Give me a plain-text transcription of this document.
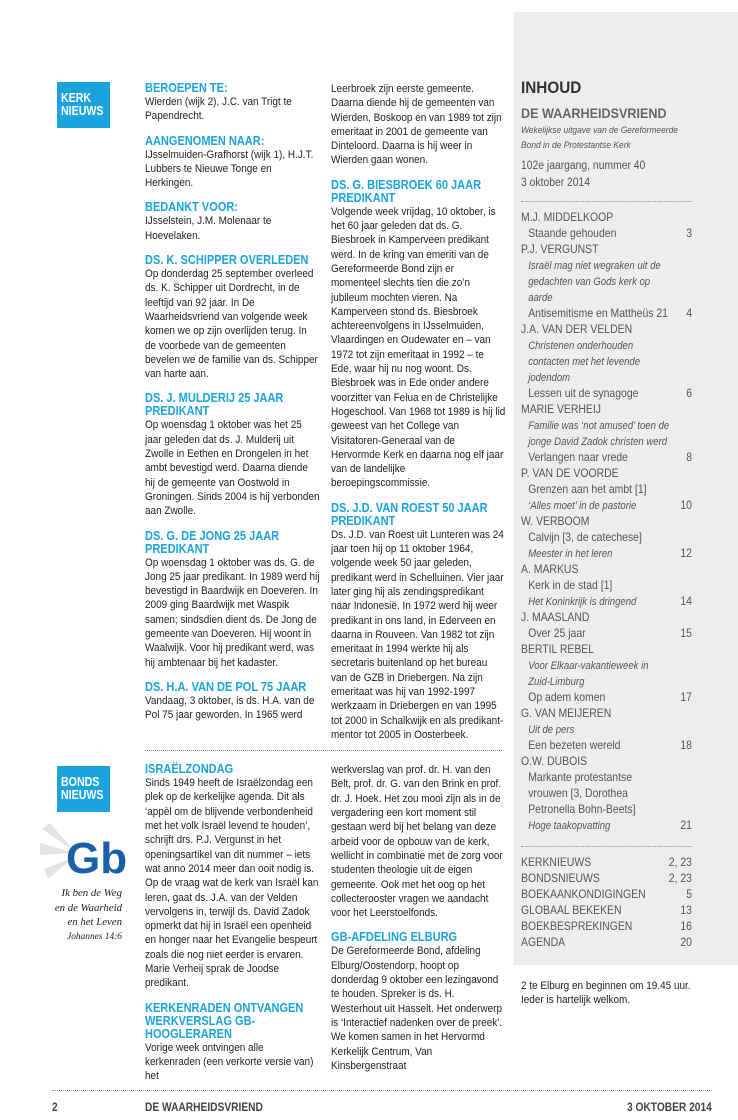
KERK
NIEUWS
BONDS
NIEUWS
BEROEPEN TE:

Wierden (wijk 2), J.C. van Trigt te Papendrecht.

AANGENOMEN NAAR:

IJsselmuiden-Grafhorst (wijk 1), H.J.T. Lubbers te Nieuwe Tonge en Herkingen.

BEDANKT VOOR:

IJsselstein, J.M. Molenaar te Hoevelaken.

DS. K. SCHIPPER OVERLEDEN

Op donderdag 25 september overleed ds. K. Schipper uit Dordrecht, in de leeftijd van 92 jaar. In De Waarheidsvriend van volgende week komen we op zijn overlijden terug. In de voorbede van de gemeenten bevelen we de familie van ds. Schipper van harte aan.

DS. J. MULDERIJ 25 JAAR PREDIKANT

Op woensdag 1 oktober was het 25 jaar geleden dat ds. J. Mulderij uit Zwolle in Eethen en Drongelen in het ambt bevestigd werd. Daarna diende hij de gemeente van Oostwold in Groningen. Sinds 2004 is hij verbonden aan Zwolle.

DS. G. DE JONG 25 JAAR PREDIKANT

Op woensdag 1 oktober was ds. G. de Jong 25 jaar predikant. In 1989 werd hij bevestigd in Baardwijk en Doeveren. In 2009 ging Baardwijk met Waspik samen; sindsdien dient ds. De Jong de gemeente van Doeveren. Hij woont in Waalwijk. Voor hij predikant werd, was hij ambtenaar bij het kadaster.

DS. H.A. VAN DE POL 75 JAAR

Vandaag, 3 oktober, is ds. H.A. van de Pol 75 jaar geworden. In 1965 werd

Leerbroek zijn eerste gemeente. Daarna diende hij de gemeenten van Wierden, Boskoop en van 1989 tot zijn emeritaat in 2001 de gemeente van Dinteloord. Daarna is hij weer in Wierden gaan wonen.

DS. G. BIESBROEK 60 JAAR PREDIKANT

Volgende week vrijdag, 10 oktober, is het 60 jaar geleden dat ds. G. Biesbroek in Kamperveen predikant werd. In de kring van emeriti van de Gereformeerde Bond zijn er momenteel slechts tien die zo’n jubileum mochten vieren. Na Kamperveen stond ds. Biesbroek achtereenvolgens in IJsselmuiden, Vlaardingen en Oudewater en – van 1972 tot zijn emeritaat in 1992 – te Ede, waar hij nu nog woont. Ds. Biesbroek was in Ede onder andere voorzitter van Felua en de Christelijke Hogeschool. Van 1968 tot 1989 is hij lid geweest van het College van Visitatoren-Generaal van de Hervormde Kerk en daarna nog elf jaar van de landelijke beroepingscommissie.

DS. J.D. VAN ROEST 50 JAAR PREDIKANT

Ds. J.D. van Roest uit Lunteren was 24 jaar toen hij op 11 oktober 1964, volgende week 50 jaar geleden, predikant werd in Schelluinen. Vier jaar later ging hij als zendingspredikant naar Indonesië. In 1972 werd hij weer predikant in ons land, in Ederveen en daarna in Rouveen. Van 1982 tot zijn emeritaat in 1994 werkte hij als secretaris buitenland op het bureau van de GZB in Driebergen. Na zijn emeritaat was hij van 1992-1997 werkzaam in Driebergen en van 1995 tot 2000 in Schalkwijk en als predikant-mentor tot 2005 in Oosterbeek.

ISRAËLZONDAG

Sinds 1949 heeft de Israëlzondag een plek op de kerkelijke agenda. Dit als ‘appèl om de blijvende verbondenheid met het volk Israël levend te houden’, schrijft drs. P.J. Vergunst in het openingsartikel van dit nummer – iets wat anno 2014 meer dan ooit nodig is. Op de vraag wat de kerk van Israël kan leren, gaat ds. J.A. van der Velden vervolgens in, terwijl ds. David Zadok opmerkt dat hij in Israël een openheid en honger naar het Evangelie bespeurt zoals die nog niet eerder is ervaren. Marie Verheij sprak de Joodse predikant.

KERKENRADEN ONTVANGEN WERKVERSLAG GB-HOOGLERAREN

Vorige week ontvingen alle kerkenraden (een verkorte versie van) het

werkverslag van prof. dr. H. van den Belt, prof. dr. G. van den Brink en prof. dr. J. Hoek. Het zou mooi zijn als in de vergadering een kort moment stil gestaan werd bij het belang van deze arbeid voor de opbouw van de kerk, wellicht in combinatie met de zorg voor studenten theologie uit de eigen gemeente. Ook met het oog op het collecterooster vragen we aandacht voor het Leerstoelfonds.

GB-AFDELING ELBURG

De Gereformeerde Bond, afdeling Elburg/Oostendorp, hoopt op donderdag 9 oktober een lezingavond te houden. Spreker is ds. H. Westerhout uit Hasselt. Het onderwerp is ‘Interactief nadenken over de preek’. We komen samen in het Hervormd Kerkelijk Centrum, Van Kinsbergenstraat

Gb
Ik ben de Weg
en de Waarheid
en het Leven
Johannes 14:6
INHOUD
DE WAARHEIDSVRIEND
Wekelijkse uitgave van de Gereformeerde
Bond in de Protestantse Kerk
102e jaargang, nummer 40
3 oktober 2014
M.J. MIDDELKOOP
Staande gehouden	3
P.J. VERGUNST
Israël mag niet wegraken uit de gedachten van Gods kerk op aarde
Antisemitisme en Mattheüs 21	4
J.A. VAN DER VELDEN
Christenen onderhouden contacten met het levende jodendom
Lessen uit de synagoge	6
MARIE VERHEIJ
Familie was ‘not amused’ toen de jonge David Zadok christen werd
Verlangen naar vrede	8
P. VAN DE VOORDE
Grenzen aan het ambt [1]
‘Alles moet’ in de pastorie	10
W. VERBOOM
Calvijn [3, de catechese]
Meester in het leren	12
A. MARKUS
Kerk in de stad [1]
Het Koninkrijk is dringend	14
J. MAASLAND
Over 25 jaar	15
BERTIL REBEL
Voor Elkaar-vakantieweek in Zuid-Limburg
Op adem komen	17
G. VAN MEIJEREN
Uit de pers
Een bezeten wereld	18
O.W. DUBOIS
Markante protestantse vrouwen [3, Dorothea Petronella Bohn-Beets]
Hoge taakopvatting	21
KERKNIEUWS	2, 23
BONDSNIEUWS	2, 23
BOEKAANKONDIGINGEN	5
GLOBAAL BEKEKEN	13
BOEKBESPREKINGEN	16
AGENDA	20

2 te Elburg en beginnen om 19.45 uur. Ieder is hartelijk welkom.

2	DE WAARHEIDSVRIEND	3 OKTOBER 2014
